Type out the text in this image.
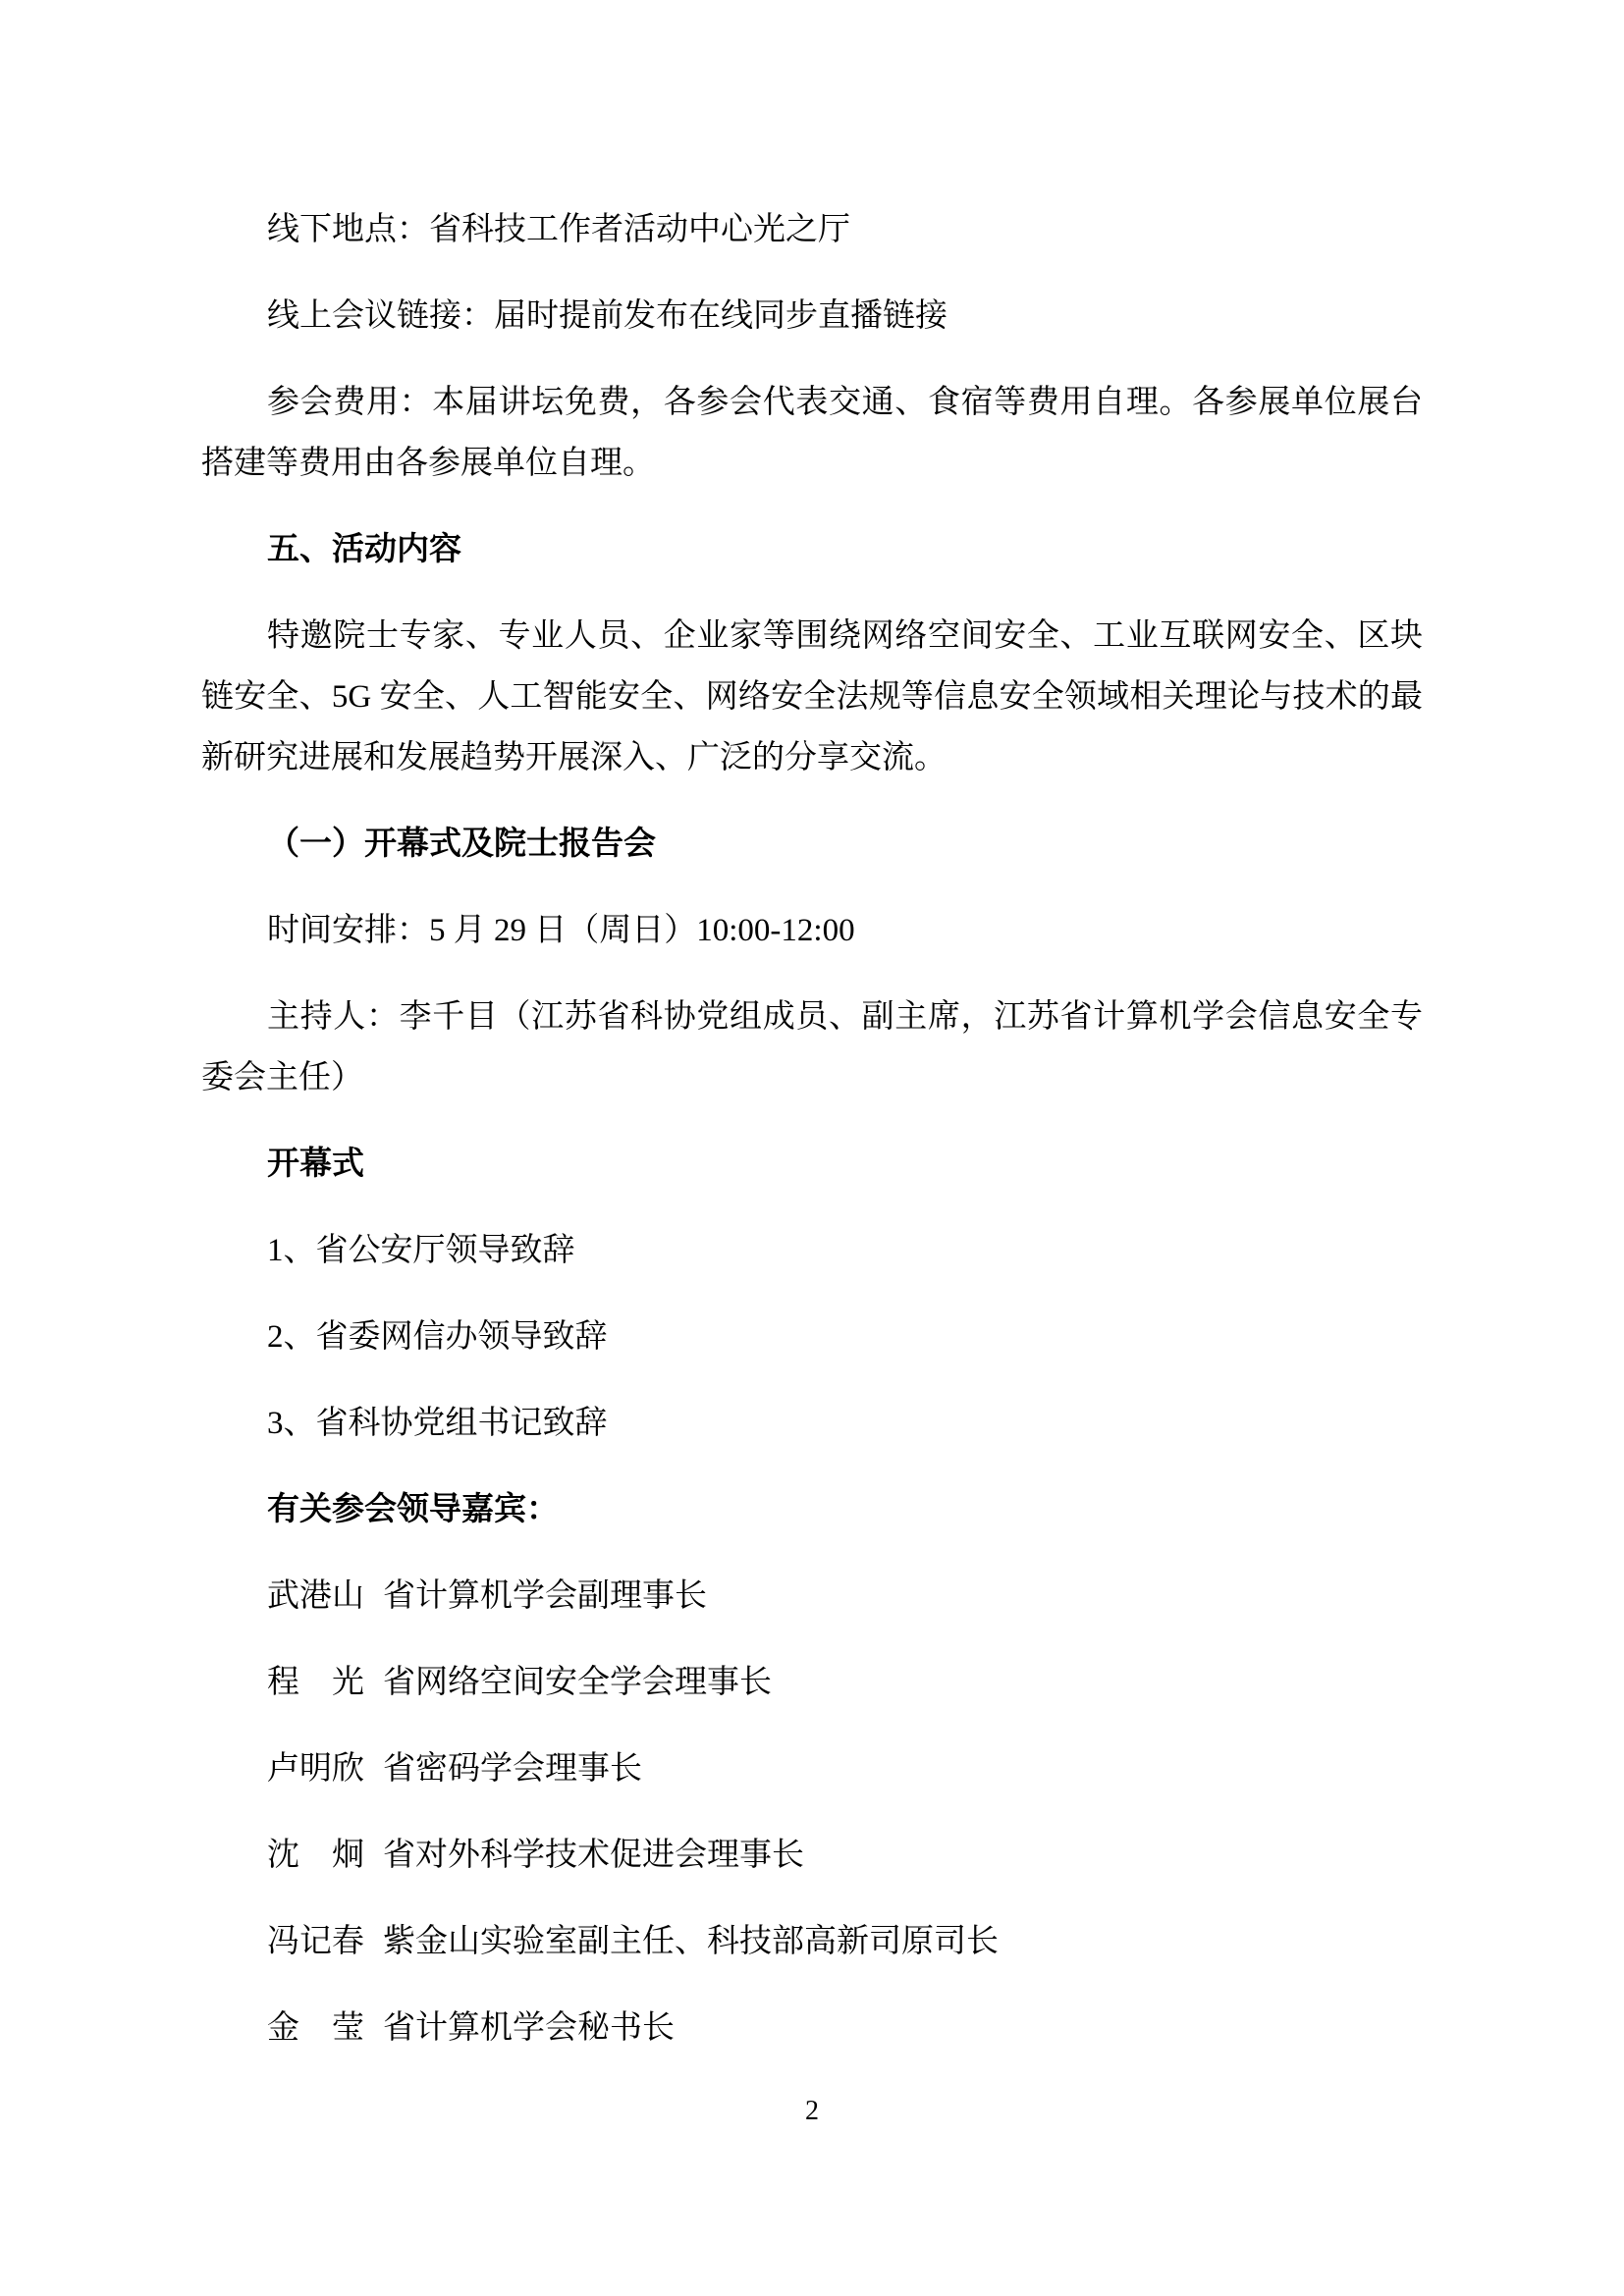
线下地点：省科技工作者活动中心光之厅
线上会议链接：届时提前发布在线同步直播链接
参会费用：本届讲坛免费，各参会代表交通、食宿等费用自理。各参展单位展台
搭建等费用由各参展单位自理。
五、活动内容
特邀院士专家、专业人员、企业家等围绕网络空间安全、工业互联网安全、区块
链安全、5G 安全、人工智能安全、网络安全法规等信息安全领域相关理论与技术的最
新研究进展和发展趋势开展深入、广泛的分享交流。
（一）开幕式及院士报告会
时间安排：5 月 29 日（周日）10:00-12:00
主持人：李千目（江苏省科协党组成员、副主席，江苏省计算机学会信息安全专
委会主任）
开幕式
1、省公安厅领导致辞
2、省委网信办领导致辞
3、省科协党组书记致辞
有关参会领导嘉宾：
武港山 省计算机学会副理事长
程　光 省网络空间安全学会理事长
卢明欣 省密码学会理事长
沈　炯 省对外科学技术促进会理事长
冯记春 紫金山实验室副主任、科技部高新司原司长
金　莹 省计算机学会秘书长
2
